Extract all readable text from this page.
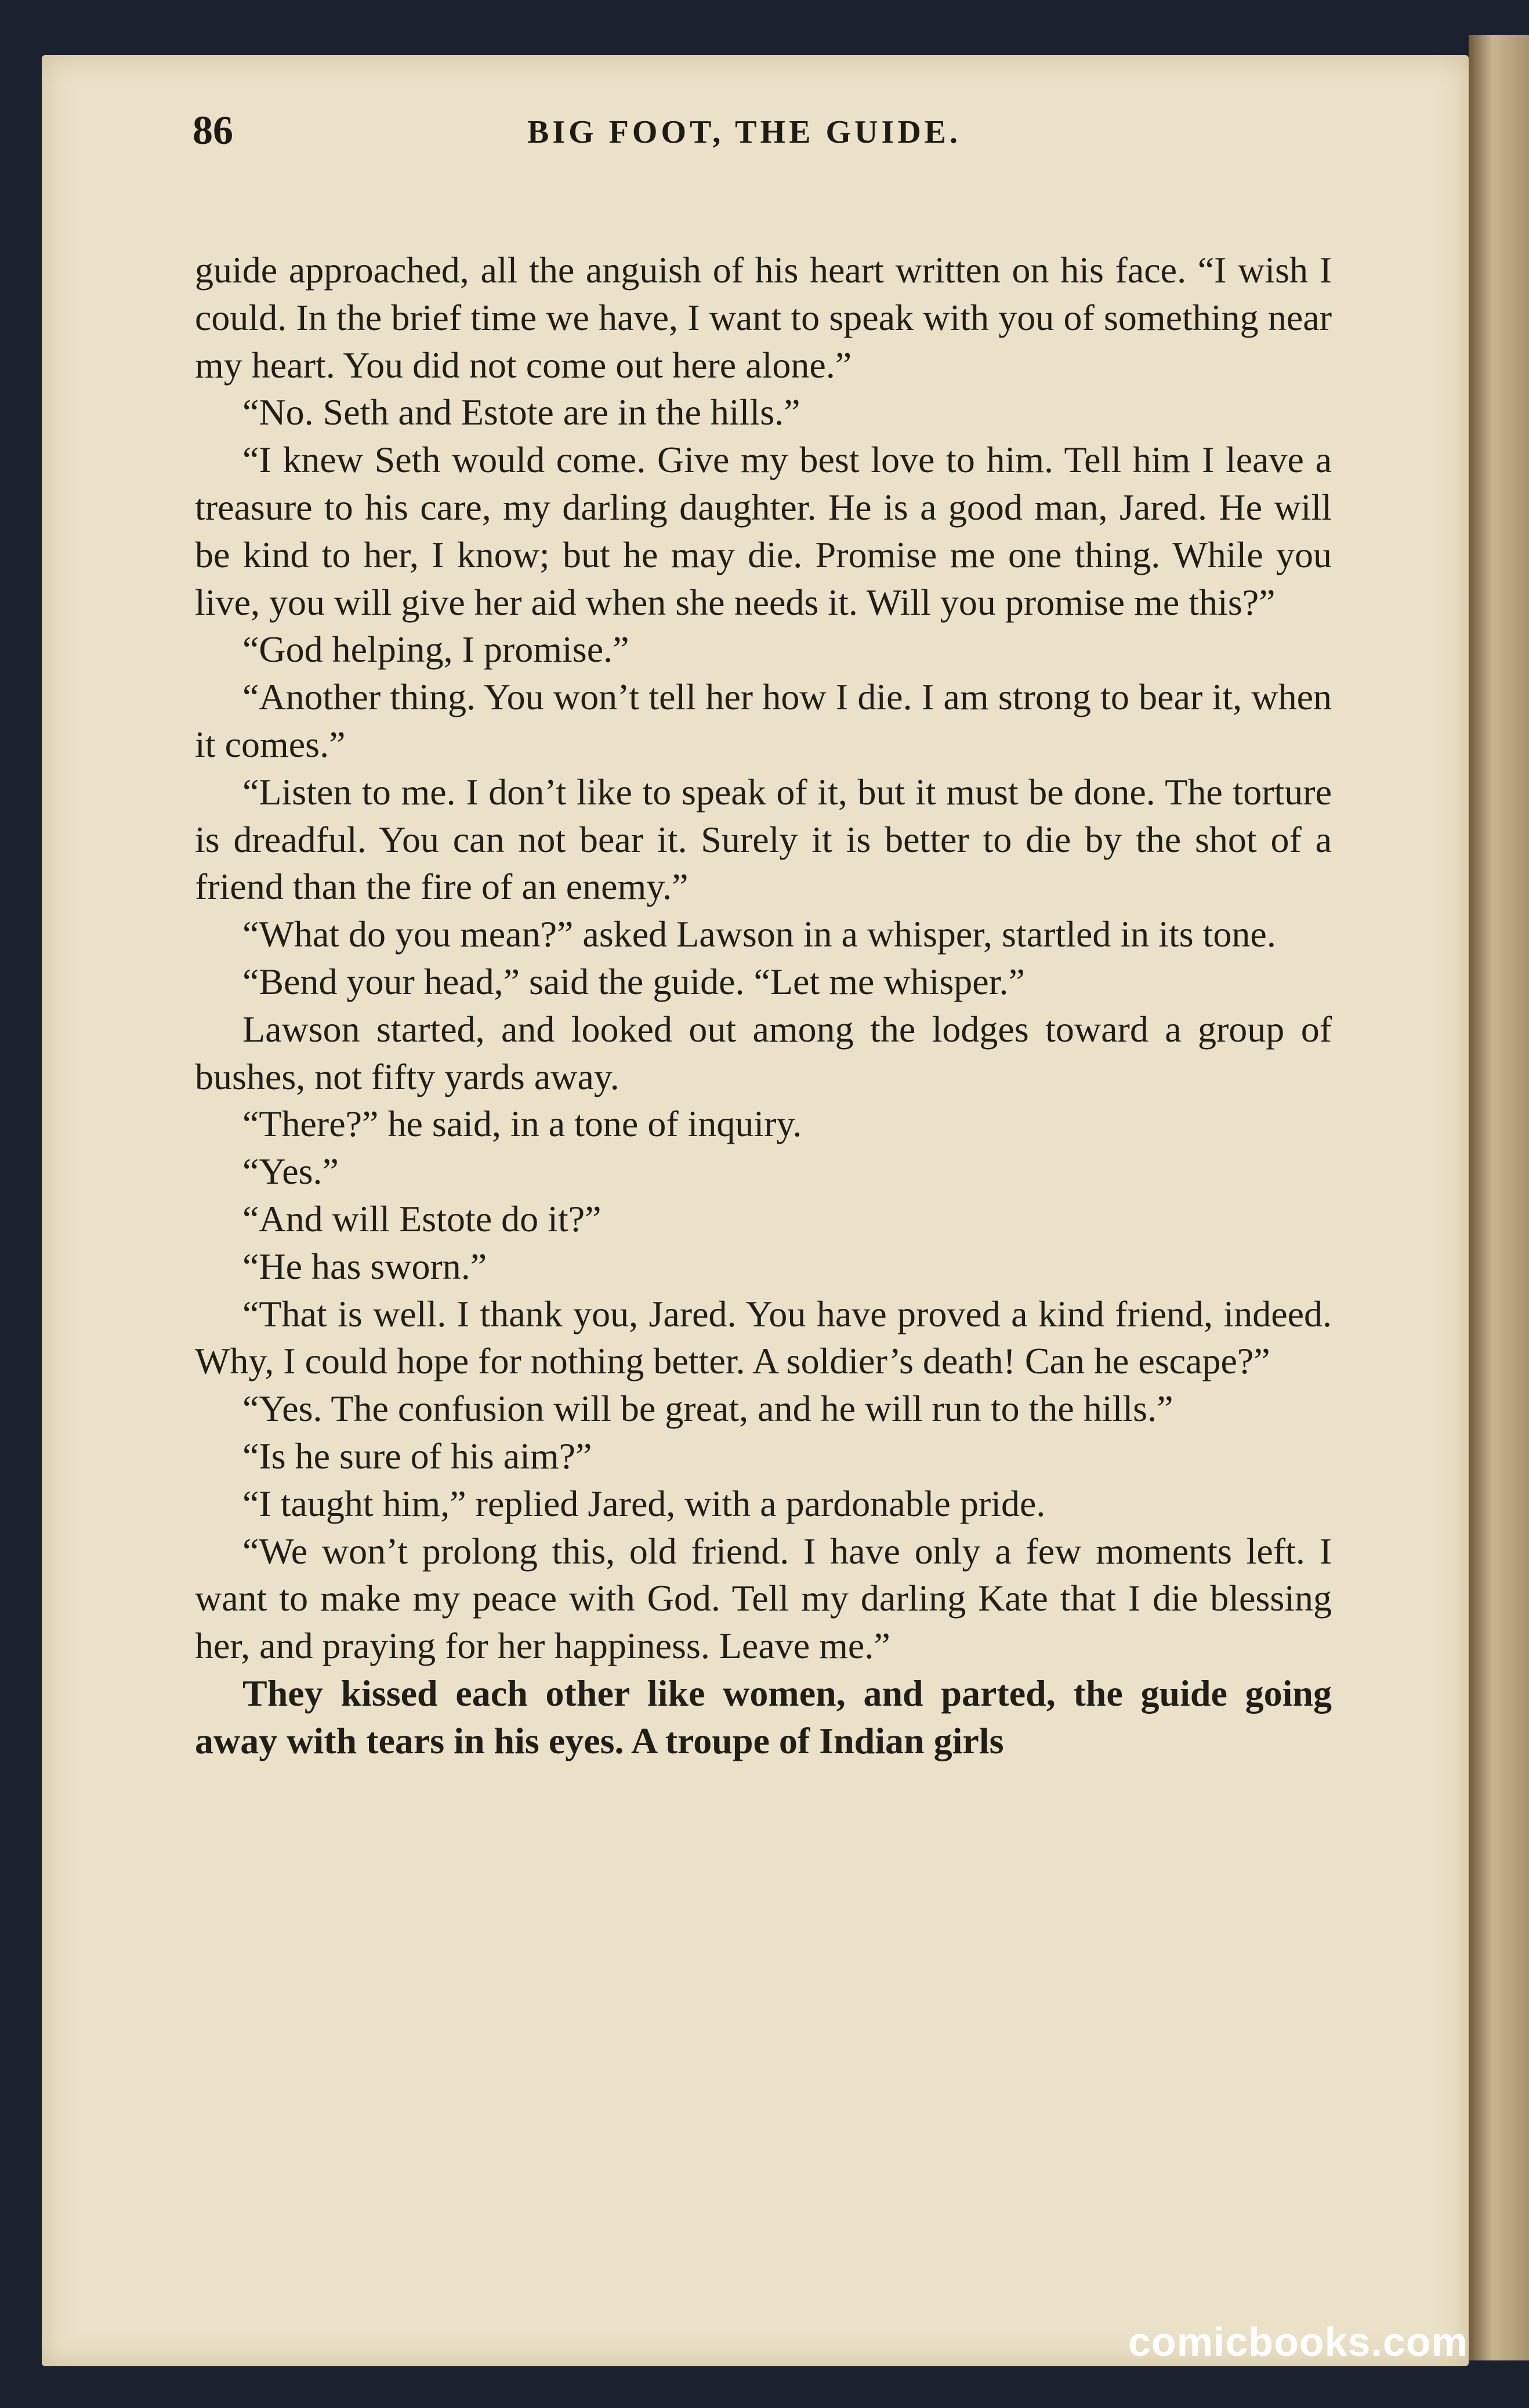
86	BIG FOOT, THE GUIDE.

guide approached, all the anguish of his heart written on his face. “I wish I could. In the brief time we have, I want to speak with you of something near my heart. You did not come out here alone.”

“No. Seth and Estote are in the hills.”

“I knew Seth would come. Give my best love to him. Tell him I leave a treasure to his care, my darling daughter. He is a good man, Jared. He will be kind to her, I know; but he may die. Promise me one thing. While you live, you will give her aid when she needs it. Will you promise me this?”

“God helping, I promise.”

“Another thing. You won’t tell her how I die. I am strong to bear it, when it comes.”

“Listen to me. I don’t like to speak of it, but it must be done. The torture is dreadful. You can not bear it. Surely it is better to die by the shot of a friend than the fire of an enemy.”

“What do you mean?” asked Lawson in a whisper, startled in its tone.

“Bend your head,” said the guide. “Let me whisper.”

Lawson started, and looked out among the lodges toward a group of bushes, not fifty yards away.

“There?” he said, in a tone of inquiry.

“Yes.”

“And will Estote do it?”

“He has sworn.”

“That is well. I thank you, Jared. You have proved a kind friend, indeed. Why, I could hope for nothing better. A soldier’s death! Can he escape?”

“Yes. The confusion will be great, and he will run to the hills.”

“Is he sure of his aim?”

“I taught him,” replied Jared, with a pardonable pride.

“We won’t prolong this, old friend. I have only a few moments left. I want to make my peace with God. Tell my darling Kate that I die blessing her, and praying for her happiness. Leave me.”

They kissed each other like women, and parted, the guide going away with tears in his eyes. A troupe of Indian girls

comicbooks.com
